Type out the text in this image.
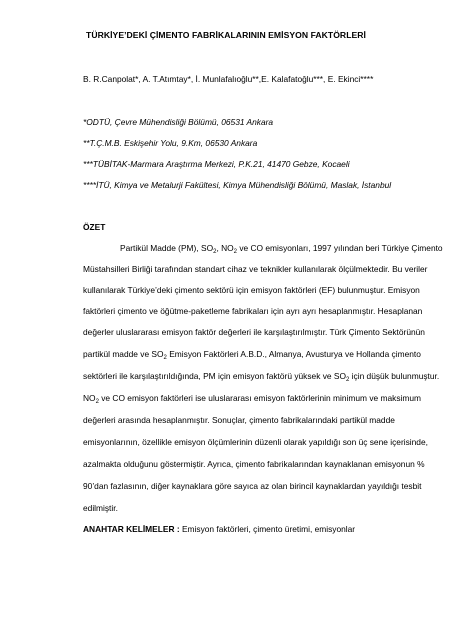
TÜRKİYE’DEKİ ÇİMENTO FABRİKALARININ EMİSYON FAKTÖRLERİ
B. R.Canpolat*, A. T.Atımtay*, İ. Munlafalıoğlu**,E. Kalafatoğlu***, E. Ekinci****
*ODTÜ, Çevre Mühendisliği Bölümü, 06531 Ankara
**T.Ç.M.B. Eskişehir Yolu, 9.Km, 06530 Ankara
***TÜBİTAK-Marmara Araştırma Merkezi, P.K.21, 41470 Gebze, Kocaeli
****İTÜ, Kimya ve Metalurji Fakültesi, Kimya Mühendisliği Bölümü, Maslak, İstanbul
ÖZET
Partikül Madde (PM), $SO_2$, $NO_2$ ve CO emisyonları, 1997 yılından beri Türkiye Çimento
Müstahsilleri Birliği tarafından standart cihaz ve teknikler kullanılarak ölçülmektedir. Bu veriler
kullanılarak Türkiye’deki çimento sektörü için emisyon faktörleri (EF) bulunmuştur. Emisyon
faktörleri çimento ve öğütme-paketleme fabrikaları için ayrı ayrı hesaplanmıştır. Hesaplanan
değerler uluslararası emisyon faktör değerleri ile karşılaştırılmıştır. Türk Çimento Sektörünün
partikül madde ve $SO_2$ Emisyon Faktörleri A.B.D., Almanya, Avusturya ve Hollanda çimento
sektörleri ile karşılaştırıldığında, PM için emisyon faktörü yüksek ve $SO_2$ için düşük bulunmuştur.
$NO_2$ ve CO emisyon faktörleri ise uluslararası emisyon faktörlerinin minimum ve maksimum
değerleri arasında hesaplanmıştır. Sonuçlar, çimento fabrikalarındaki partikül madde
emisyonlarının, özellikle emisyon ölçümlerinin düzenli olarak yapıldığı son üç sene içerisinde,
azalmakta olduğunu göstermiştir. Ayrıca, çimento fabrikalarından kaynaklanan emisyonun %
90’dan fazlasının, diğer kaynaklara göre sayıca az olan birincil kaynaklardan yayıldığı tesbit
edilmiştir.
ANAHTAR KELİMELER : Emisyon faktörleri, çimento üretimi, emisyonlar
